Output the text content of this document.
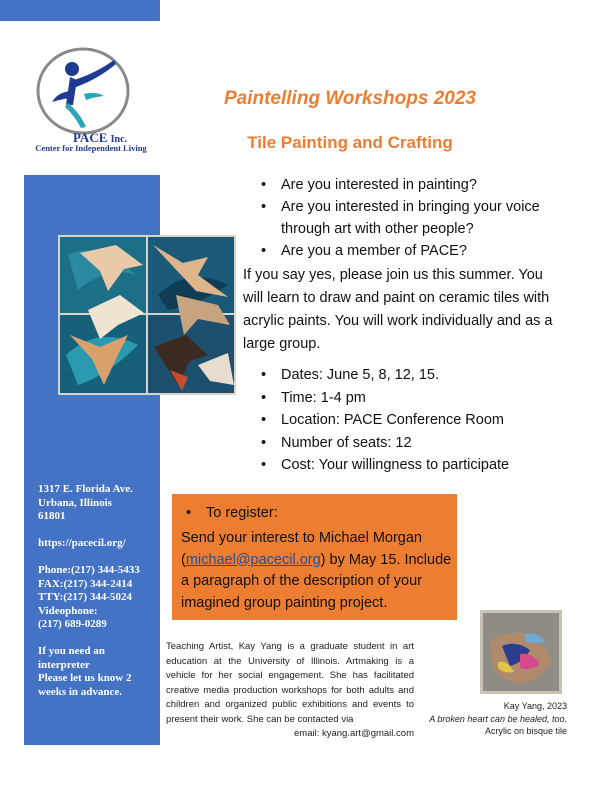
PACE Inc.
Center for Independent Living
Paintelling Workshops 2023
Tile Painting and Crafting
• Are you interested in painting?
• Are you interested in bringing your voice through art with other people?
• Are you a member of PACE?
If you say yes, please join us this summer. You will learn to draw and paint on ceramic tiles with acrylic paints. You will work individually and as a large group.
• Dates: June 5, 8, 12, 15.
• Time: 1-4 pm
• Location: PACE Conference Room
• Number of seats: 12
• Cost: Your willingness to participate
1317 E. Florida Ave.
Urbana, Illinois
61801
https://pacecil.org/
Phone:(217) 344-5433
FAX:(217) 344-2414
TTY:(217) 344-5024
Videophone:
(217) 689-0289
If you need an interpreter
Please let us know 2 weeks in advance.
• To register:
Send your interest to Michael Morgan (michael@pacecil.org) by May 15. Include a paragraph of the description of your imagined group painting project.
Teaching Artist, Kay Yang is a graduate student in art education at the University of Illinois. Artmaking is a vehicle for her social engagement. She has facilitated creative media production workshops for both adults and children and organized public exhibitions and events to present their work. She can be contacted via
email: kyang.art@gmail.com
Kay Yang, 2023
A broken heart can be healed, too.
Acrylic on bisque tile
